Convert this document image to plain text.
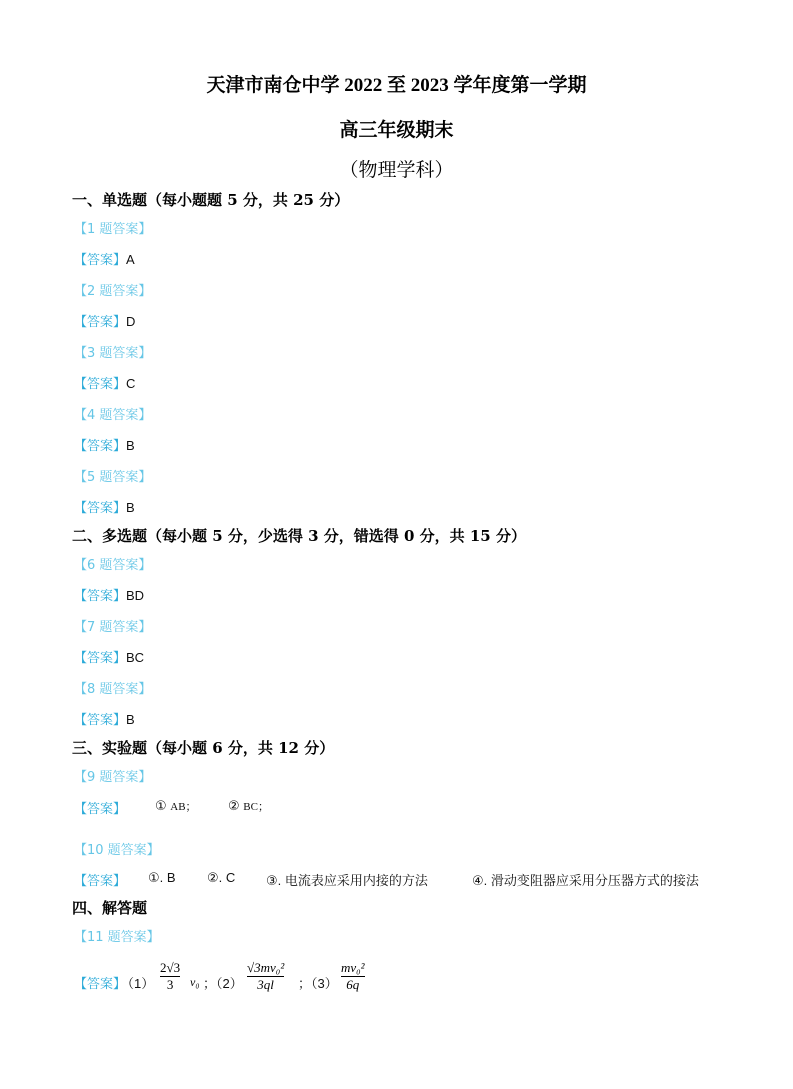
天津市南仓中学 2022 至 2023 学年度第一学期
高三年级期末
（物理学科）
一、单选题（每小题题 5 分，共 25 分）
【1 题答案】
【答案】A
【2 题答案】
【答案】D
【3 题答案】
【答案】C
【4 题答案】
【答案】B
【5 题答案】
【答案】B
二、多选题（每小题 5 分，少选得 3 分，错选得 0 分，共 15 分）
【6 题答案】
【答案】BD
【7 题答案】
【答案】BC
【8 题答案】
【答案】B
三、实验题（每小题 6 分，共 12 分）
【9 题答案】
【答案】 ① AB； ② BC；
【10 题答案】
【答案】 ①. B ②. C ③. 电流表应采用内接的方法	④. 滑动变阻器应采用分压器方式的接法
四、解答题
【11 题答案】
【答案】
（1）
2√3
3 v₀ ；（2）
√3mv₀²
3ql ；（3）
mv₀²
6q
